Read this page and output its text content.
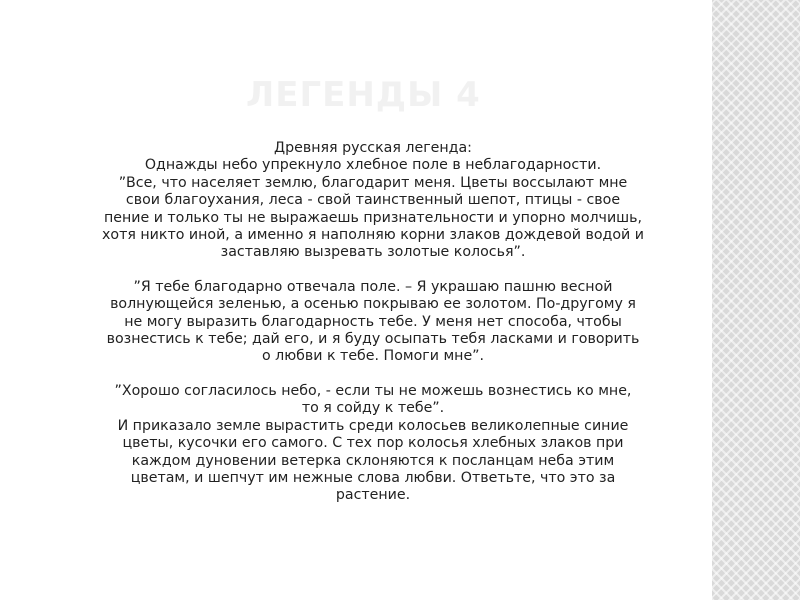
ЛЕГЕНДЫ 4

Древняя русская легенда:
Однажды небо упрекнуло хлебное поле в неблагодарности.
”Все, что населяет землю, благодарит меня. Цветы воссылают мне
свои благоухания, леса - свой таинственный шепот, птицы - свое
пение и только ты не выражаешь признательности и упорно молчишь,
хотя никто иной, а именно я наполняю корни злаков дождевой водой и
заставляю вызревать золотые колосья”.

”Я тебе благодарно отвечала поле. – Я украшаю пашню весной
волнующейся зеленью, а осенью покрываю ее золотом. По-другому я
не могу выразить благодарность тебе. У меня нет способа, чтобы
вознестись к тебе; дай его, и я буду осыпать тебя ласками и говорить
о любви к тебе. Помоги мне”.

”Хорошо согласилось небо, - если ты не можешь вознестись ко мне,
то я сойду к тебе”.
И приказало земле вырастить среди колосьев великолепные синие
цветы, кусочки его самого. С тех пор колосья хлебных злаков при
каждом дуновении ветерка склоняются к посланцам неба этим
цветам, и шепчут им нежные слова любви. Ответьте, что это за
растение.
